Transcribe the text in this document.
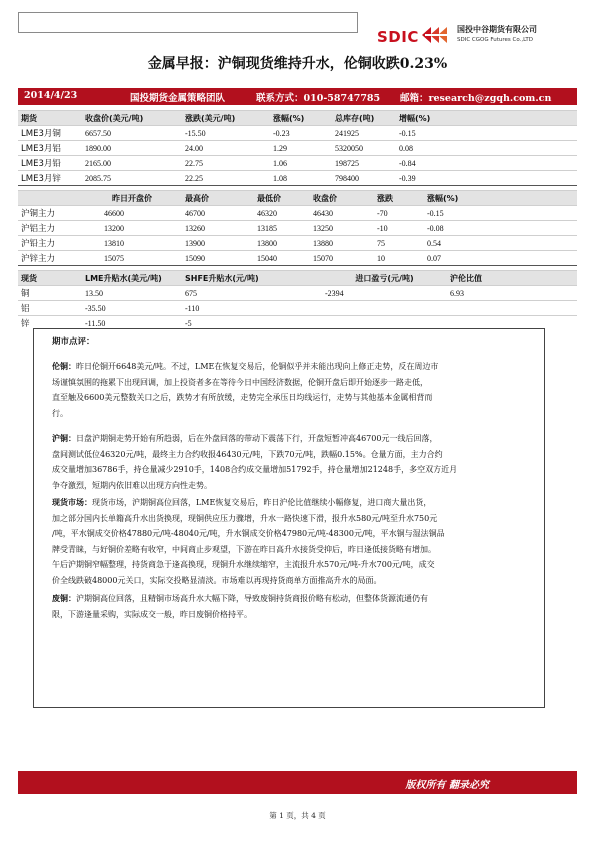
SDIC	国投中谷期货有限公司
SDIC CGOG Futures Co.,LTD
金属早报：沪铜现货维持升水，伦铜收跌0.23%
2014/4/23	国投期货金属策略团队	联系方式：010-58747785 邮箱：research@zgqh.com.cn
期货	收盘价(美元/吨)	涨跌(美元/吨)	涨幅(%)	总库存(吨)	增幅(%)
LME3月铜	6657.50	-15.50	-0.23	241925	-0.15
LME3月铝	1890.00	24.00	1.29	5320050	0.08
LME3月铅	2165.00	22.75	1.06	198725	-0.84
LME3月锌	2085.75	22.25	1.08	798400	-0.39
	昨日开盘价	最高价	最低价	收盘价	涨跌	涨幅(%)
沪铜主力	46600	46700	46320	46430	-70	-0.15
沪铝主力	13200	13260	13185	13250	-10	-0.08
沪铅主力	13810	13900	13800	13880	75	0.54
沪锌主力	15075	15090	15040	15070	10	0.07
现货	LME升贴水(美元/吨)	SHFE升贴水(元/吨)	进口盈亏(元/吨)	沪伦比值
铜	13.50	675	-2394	6.93
铝	-35.50	-110		
锌	-11.50	-5		
期市点评：
伦铜：昨日伦铜开6648美元/吨。不过，LME在恢复交易后，伦铜似乎并未能出现向上修正走势，反在周边市
场谨慎氛围的拖累下出现回调，加上投资者多在等待今日中国经济数据，伦铜开盘后即开始逐步一路走低，
直至触及6600美元整数关口之后，跌势才有所放缓，走势完全承压日均线运行，走势与其他基本金属相背而
行。
沪铜：日盘沪期铜走势开始有所趋弱，后在外盘回落的带动下震荡下行，开盘短暂冲高46700元一线后回落，
盘间测试低位46320元/吨，最终主力合约收报46430元/吨，下跌70元/吨，跌幅0.15%。仓量方面，主力合约
成交量增加36786手，持仓量减少2910手，1408合约成交量增加51792手，持仓量增加21248手，多空双方近月
争夺激烈，短期内依旧难以出现方向性走势。
现货市场：现货市场，沪期铜高位回落，LME恢复交易后，昨日沪伦比值继续小幅修复，进口商大量出货，
加之部分国内长单籍高升水出货换现，现铜供应压力骤增，升水一路快速下滑，报升水580元/吨至升水750元
/吨，平水铜成交价格47880元/吨-48040元/吨，升水铜成交价格47980元/吨-48300元/吨，平水铜与湿法铜品
牌受青睐，与好铜价差略有收窄，中间商止步观望，下游在昨日高升水接货受抑后，昨日逢低接货略有增加。
午后沪期铜窄幅整理，持货商急于逢高换现，现铜升水继续缩窄，主流报升水570元/吨-升水700元/吨，成交
价全线跌破48000元关口，实际交投略显清淡。市场难以再现持货商单方面推高升水的局面。
废铜：沪期铜高位回落，且精铜市场高升水大幅下降，导致废铜持货商报价略有松动，但整体货源流通仍有
限，下游逢量采购，实际成交一般，昨日废铜价格持平。
版权所有 翻录必究
第 1 页，共 4 页
